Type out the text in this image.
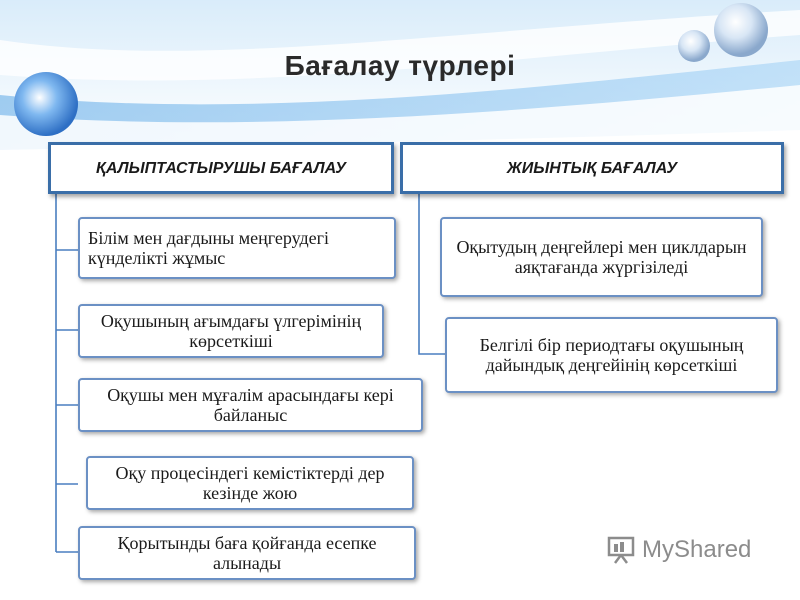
Бағалау түрлері
ҚАЛЫПТАСТЫРУШЫ БАҒАЛАУ
Білім мен дағдыны меңгерудегі күнделікті жұмыс
Оқушының ағымдағы үлгерімінің көрсеткіші
Оқушы мен мұғалім арасындағы кері байланыс
Оқу процесіндегі кемістіктерді дер кезінде жою
Қорытынды баға қойғанда есепке алынады
ЖИЫНТЫҚ БАҒАЛАУ
Оқытудың деңгейлері мен циклдарын аяқтағанда жүргізіледі
Белгілі бір периодтағы оқушының дайындық деңгейінің көрсеткіші
MyShared
